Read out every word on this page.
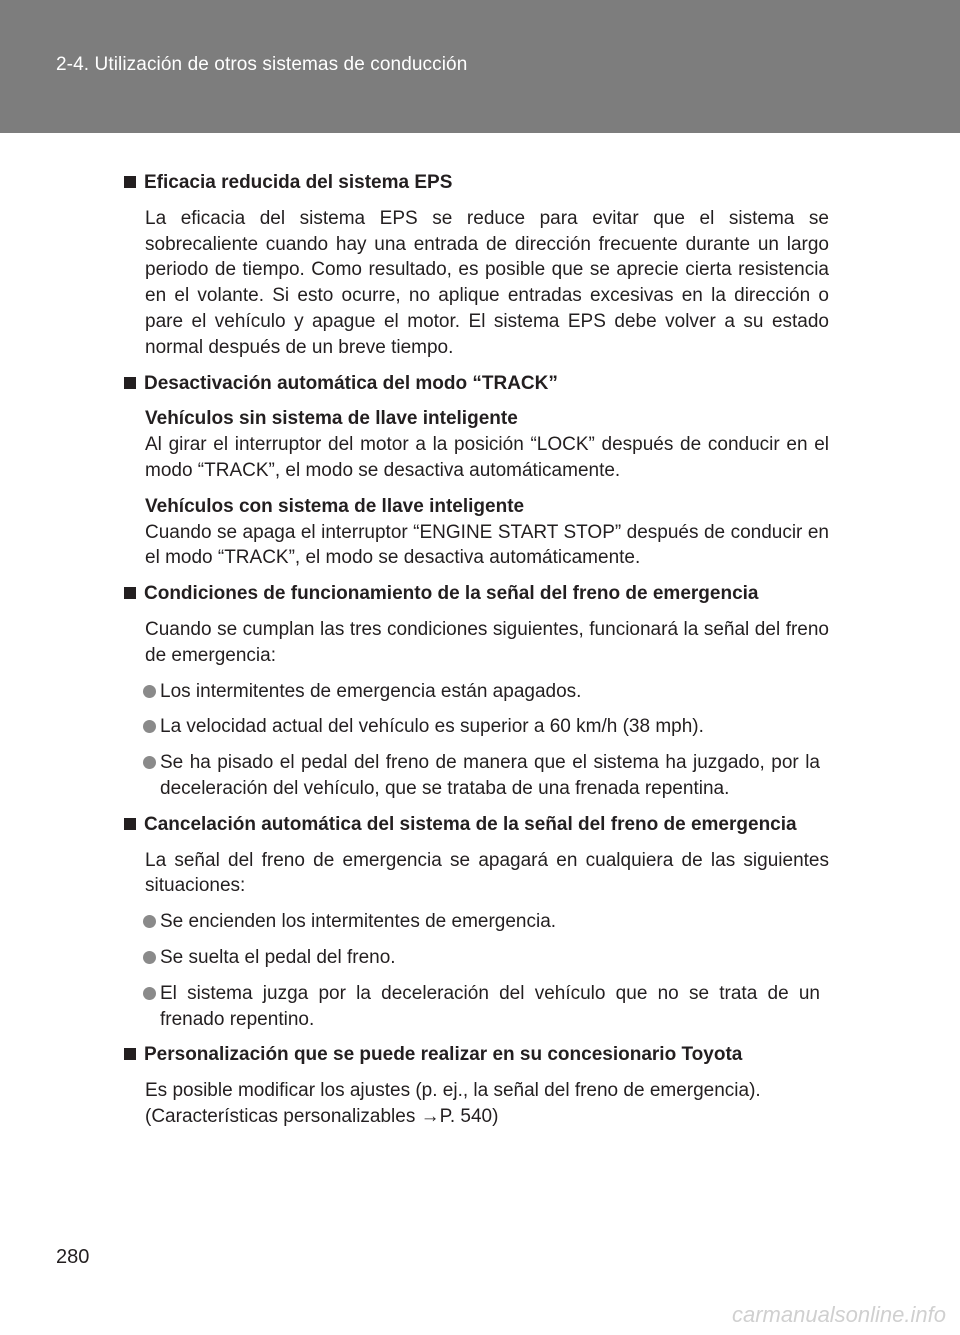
2-4. Utilización de otros sistemas de conducción
Eficacia reducida del sistema EPS
La eficacia del sistema EPS se reduce para evitar que el sistema se sobrecaliente cuando hay una entrada de dirección frecuente durante un largo periodo de tiempo. Como resultado, es posible que se aprecie cierta resistencia en el volante. Si esto ocurre, no aplique entradas excesivas en la dirección o pare el vehículo y apague el motor. El sistema EPS debe volver a su estado normal después de un breve tiempo.
Desactivación automática del modo “TRACK”
Vehículos sin sistema de llave inteligente
Al girar el interruptor del motor a la posición “LOCK” después de conducir en el modo “TRACK”, el modo se desactiva automáticamente.
Vehículos con sistema de llave inteligente
Cuando se apaga el interruptor “ENGINE START STOP” después de conducir en el modo “TRACK”, el modo se desactiva automáticamente.
Condiciones de funcionamiento de la señal del freno de emergencia
Cuando se cumplan las tres condiciones siguientes, funcionará la señal del freno de emergencia:
Los intermitentes de emergencia están apagados.
La velocidad actual del vehículo es superior a 60 km/h (38 mph).
Se ha pisado el pedal del freno de manera que el sistema ha juzgado, por la deceleración del vehículo, que se trataba de una frenada repentina.
Cancelación automática del sistema de la señal del freno de emergencia
La señal del freno de emergencia se apagará en cualquiera de las siguientes situaciones:
Se encienden los intermitentes de emergencia.
Se suelta el pedal del freno.
El sistema juzga por la deceleración del vehículo que no se trata de un frenado repentino.
Personalización que se puede realizar en su concesionario Toyota
Es posible modificar los ajustes (p. ej., la señal del freno de emergencia).
(Características personalizables →P. 540)
280
carmanualsonline.info
